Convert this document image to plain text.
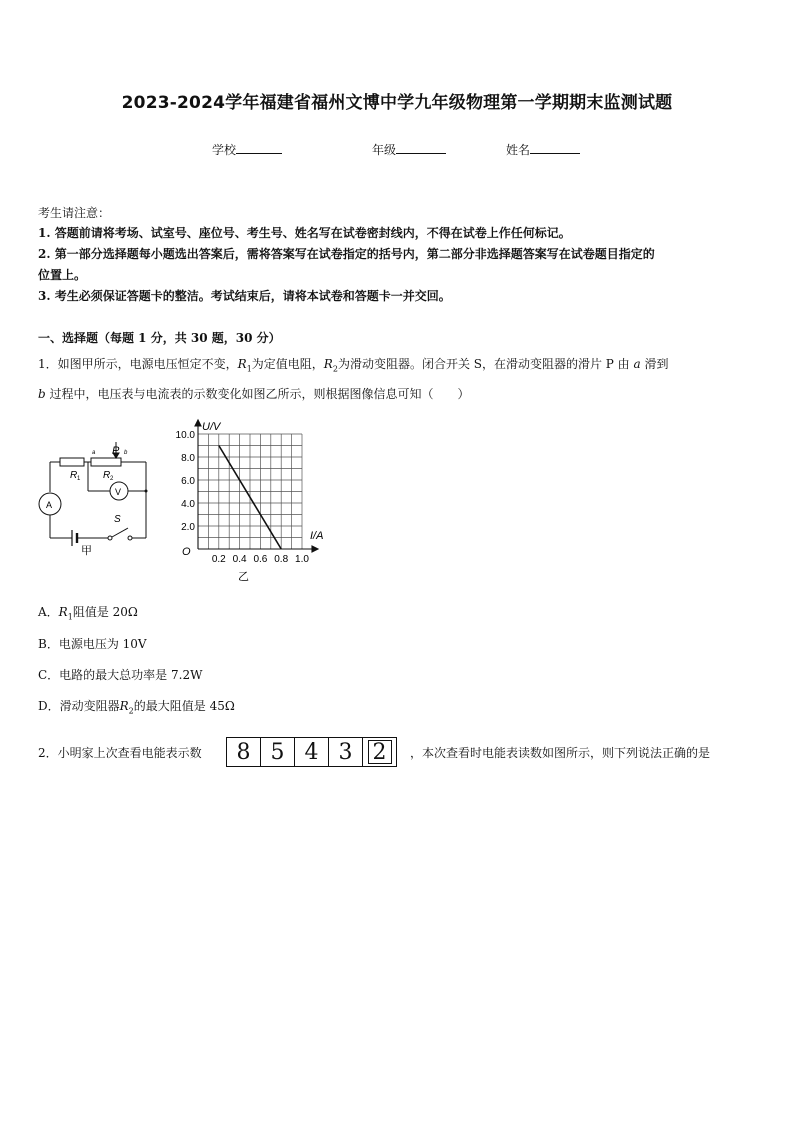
2023-2024学年福建省福州文博中学九年级物理第一学期期末监测试题
学校	年级	姓名
考生请注意：
1. 答题前请将考场、试室号、座位号、考生号、姓名写在试卷密封线内，不得在试卷上作任何标记。
2. 第一部分选择题每小题选出答案后，需将答案写在试卷指定的括号内，第二部分非选择题答案写在试卷题目指定的
位置上。
3. 考生必须保证答题卡的整洁。考试结束后，请将本试卷和答题卡一并交回。
一、选择题（每题 1 分，共 30 题，30 分）
1．如图甲所示，电源电压恒定不变，$R_1$为定值电阻，$R_2$为滑动变阻器。闭合开关 S，在滑动变阻器的滑片 P 由 a 滑到
b 过程中，电压表与电流表的示数变化如图乙所示，则根据图像信息可知（　　）
R 1 R 2
P
a	b
A
V
S
甲
0.2 0.4 0.6 0.8 1.0
2.0
4.0
6.0
8.0
10.0
U/V
I/A
O
乙
A．$R_1$阻值是 20Ω
B．电源电压为 10V
C．电路的最大总功率是 7.2W
D．滑动变阻器$R_2$的最大阻值是 45Ω
2．小明家上次查看电能表示数	8 5 4 3 2	，本次查看时电能表读数如图所示，则下列说法正确的是
